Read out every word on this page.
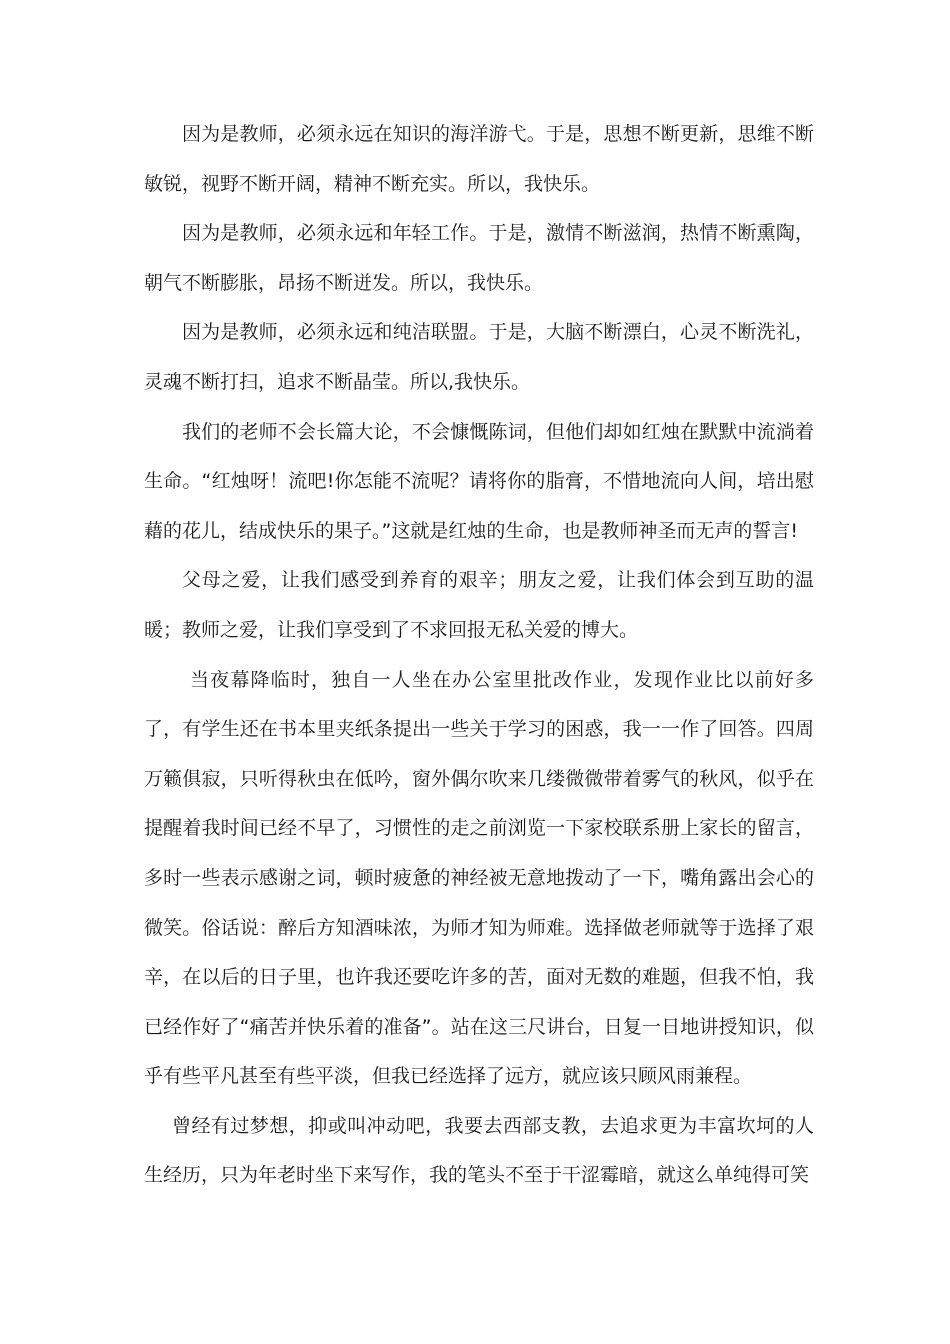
因为是教师，必须永远在知识的海洋游弋。于是，思想不断更新，思维不断敏锐，视野不断开阔，精神不断充实。所以，我快乐。

因为是教师，必须永远和年轻工作。于是，激情不断滋润，热情不断熏陶，朝气不断膨胀，昂扬不断迸发。所以，我快乐。

因为是教师，必须永远和纯洁联盟。于是，大脑不断漂白，心灵不断洗礼，灵魂不断打扫，追求不断晶莹。所以,我快乐。

我们的老师不会长篇大论，不会慷慨陈词，但他们却如红烛在默默中流淌着生命。“红烛呀！流吧!你怎能不流呢？请将你的脂膏，不惜地流向人间，培出慰藉的花儿，结成快乐的果子。”这就是红烛的生命，也是教师神圣而无声的誓言!

父母之爱，让我们感受到养育的艰辛；朋友之爱，让我们体会到互助的温暖；教师之爱，让我们享受到了不求回报无私关爱的博大。

当夜幕降临时，独自一人坐在办公室里批改作业，发现作业比以前好多了，有学生还在书本里夹纸条提出一些关于学习的困惑，我一一作了回答。四周万籁俱寂，只听得秋虫在低吟，窗外偶尔吹来几缕微微带着雾气的秋风，似乎在提醒着我时间已经不早了，习惯性的走之前浏览一下家校联系册上家长的留言，多时一些表示感谢之词，顿时疲惫的神经被无意地拨动了一下，嘴角露出会心的微笑。俗话说：醉后方知酒味浓，为师才知为师难。选择做老师就等于选择了艰辛，在以后的日子里，也许我还要吃许多的苦，面对无数的难题，但我不怕，我已经作好了“痛苦并快乐着的准备”。站在这三尺讲台，日复一日地讲授知识，似乎有些平凡甚至有些平淡，但我已经选择了远方，就应该只顾风雨兼程。

曾经有过梦想，抑或叫冲动吧，我要去西部支教，去追求更为丰富坎坷的人生经历，只为年老时坐下来写作，我的笔头不至于干涩霉暗，就这么单纯得可笑
